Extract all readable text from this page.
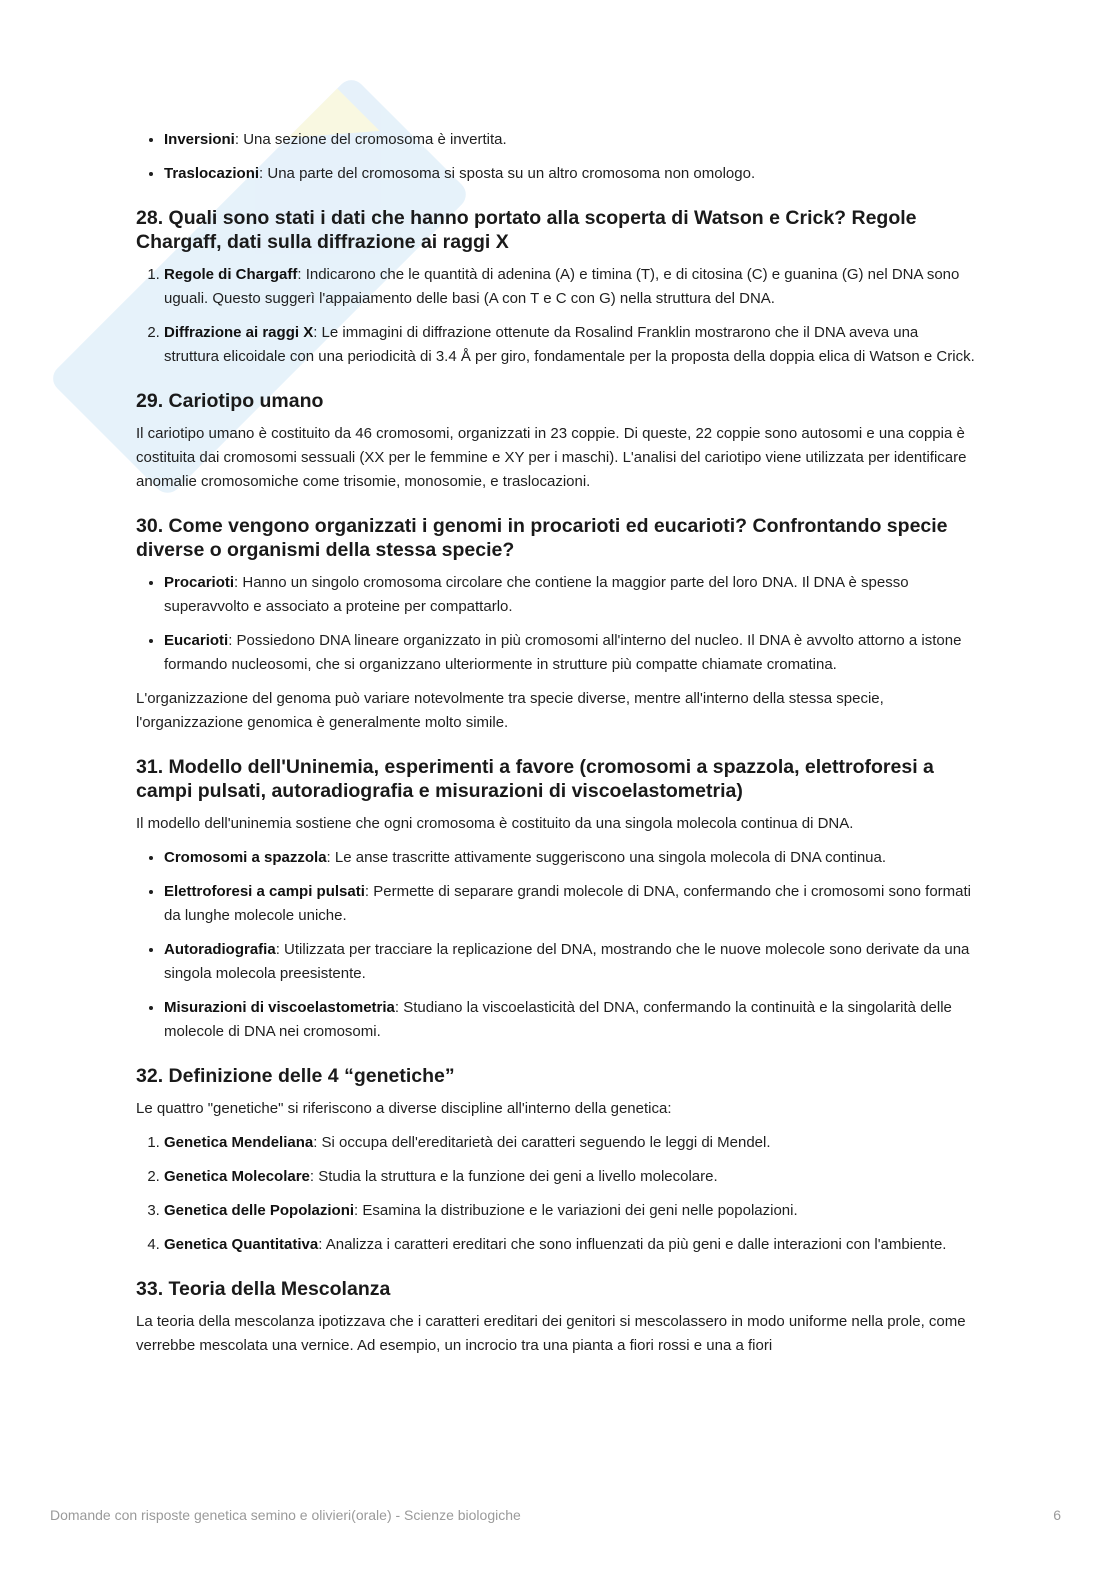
• Inversioni: Una sezione del cromosoma è invertita.
• Traslocazioni: Una parte del cromosoma si sposta su un altro cromosoma non omologo.
28. Quali sono stati i dati che hanno portato alla scoperta di Watson e Crick? Regole Chargaff, dati sulla diffrazione ai raggi X
1. Regole di Chargaff: Indicarono che le quantità di adenina (A) e timina (T), e di citosina (C) e guanina (G) nel DNA sono uguali. Questo suggerì l'appaiamento delle basi (A con T e C con G) nella struttura del DNA.
2. Diffrazione ai raggi X: Le immagini di diffrazione ottenute da Rosalind Franklin mostrarono che il DNA aveva una struttura elicoidale con una periodicità di 3.4 Å per giro, fondamentale per la proposta della doppia elica di Watson e Crick.
29. Cariotipo umano

Il cariotipo umano è costituito da 46 cromosomi, organizzati in 23 coppie. Di queste, 22 coppie sono autosomi e una coppia è costituita dai cromosomi sessuali (XX per le femmine e XY per i maschi). L'analisi del cariotipo viene utilizzata per identificare anomalie cromosomiche come trisomie, monosomie, e traslocazioni.

30. Come vengono organizzati i genomi in procarioti ed eucarioti? Confrontando specie diverse o organismi della stessa specie?
• Procarioti: Hanno un singolo cromosoma circolare che contiene la maggior parte del loro DNA. Il DNA è spesso superavvolto e associato a proteine per compattarlo.
• Eucarioti: Possiedono DNA lineare organizzato in più cromosomi all'interno del nucleo. Il DNA è avvolto attorno a istone formando nucleosomi, che si organizzano ulteriormente in strutture più compatte chiamate cromatina.

L'organizzazione del genoma può variare notevolmente tra specie diverse, mentre all'interno della stessa specie, l'organizzazione genomica è generalmente molto simile.

31. Modello dell'Uninemia, esperimenti a favore (cromosomi a spazzola, elettroforesi a campi pulsati, autoradiografia e misurazioni di viscoelastometria)

Il modello dell'uninemia sostiene che ogni cromosoma è costituito da una singola molecola continua di DNA.

• Cromosomi a spazzola: Le anse trascritte attivamente suggeriscono una singola molecola di DNA continua.
• Elettroforesi a campi pulsati: Permette di separare grandi molecole di DNA, confermando che i cromosomi sono formati da lunghe molecole uniche.
• Autoradiografia: Utilizzata per tracciare la replicazione del DNA, mostrando che le nuove molecole sono derivate da una singola molecola preesistente.
• Misurazioni di viscoelastometria: Studiano la viscoelasticità del DNA, confermando la continuità e la singolarità delle molecole di DNA nei cromosomi.
32. Definizione delle 4 “genetiche”

Le quattro "genetiche" si riferiscono a diverse discipline all'interno della genetica:

1. Genetica Mendeliana: Si occupa dell'ereditarietà dei caratteri seguendo le leggi di Mendel.
2. Genetica Molecolare: Studia la struttura e la funzione dei geni a livello molecolare.
3. Genetica delle Popolazioni: Esamina la distribuzione e le variazioni dei geni nelle popolazioni.
4. Genetica Quantitativa: Analizza i caratteri ereditari che sono influenzati da più geni e dalle interazioni con l'ambiente.
33. Teoria della Mescolanza

La teoria della mescolanza ipotizzava che i caratteri ereditari dei genitori si mescolassero in modo uniforme nella prole, come verrebbe mescolata una vernice. Ad esempio, un incrocio tra una pianta a fiori rossi e una a fiori

Domande con risposte genetica semino e olivieri(orale) - Scienze biologiche	6
